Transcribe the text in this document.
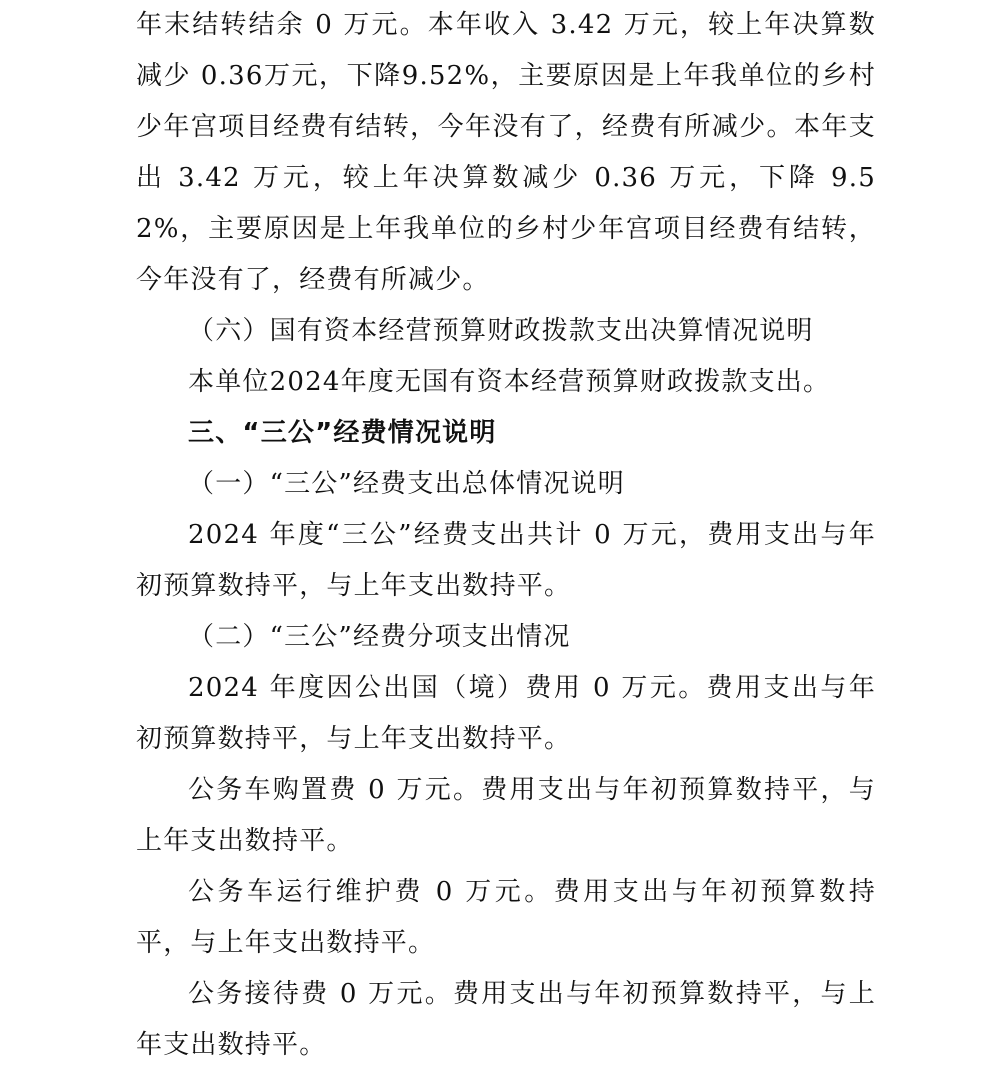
年末结转结余 0 万元。本年收入 3.42 万元，较上年决算数减少 0.36万元，下降9.52%，主要原因是上年我单位的乡村少年宫项目经费有结转，今年没有了，经费有所减少。本年支出 3.42 万元，较上年决算数减少 0.36 万元，下降 9.52%，主要原因是上年我单位的乡村少年宫项目经费有结转，今年没有了，经费有所减少。

（六）国有资本经营预算财政拨款支出决算情况说明

本单位2024年度无国有资本经营预算财政拨款支出。

三、“三公”经费情况说明

（一）“三公”经费支出总体情况说明

2024 年度“三公”经费支出共计 0 万元，费用支出与年初预算数持平，与上年支出数持平。

（二）“三公”经费分项支出情况

2024 年度因公出国（境）费用 0 万元。费用支出与年初预算数持平，与上年支出数持平。

公务车购置费 0 万元。费用支出与年初预算数持平，与上年支出数持平。

公务车运行维护费 0 万元。费用支出与年初预算数持平，与上年支出数持平。

公务接待费 0 万元。费用支出与年初预算数持平，与上年支出数持平。
